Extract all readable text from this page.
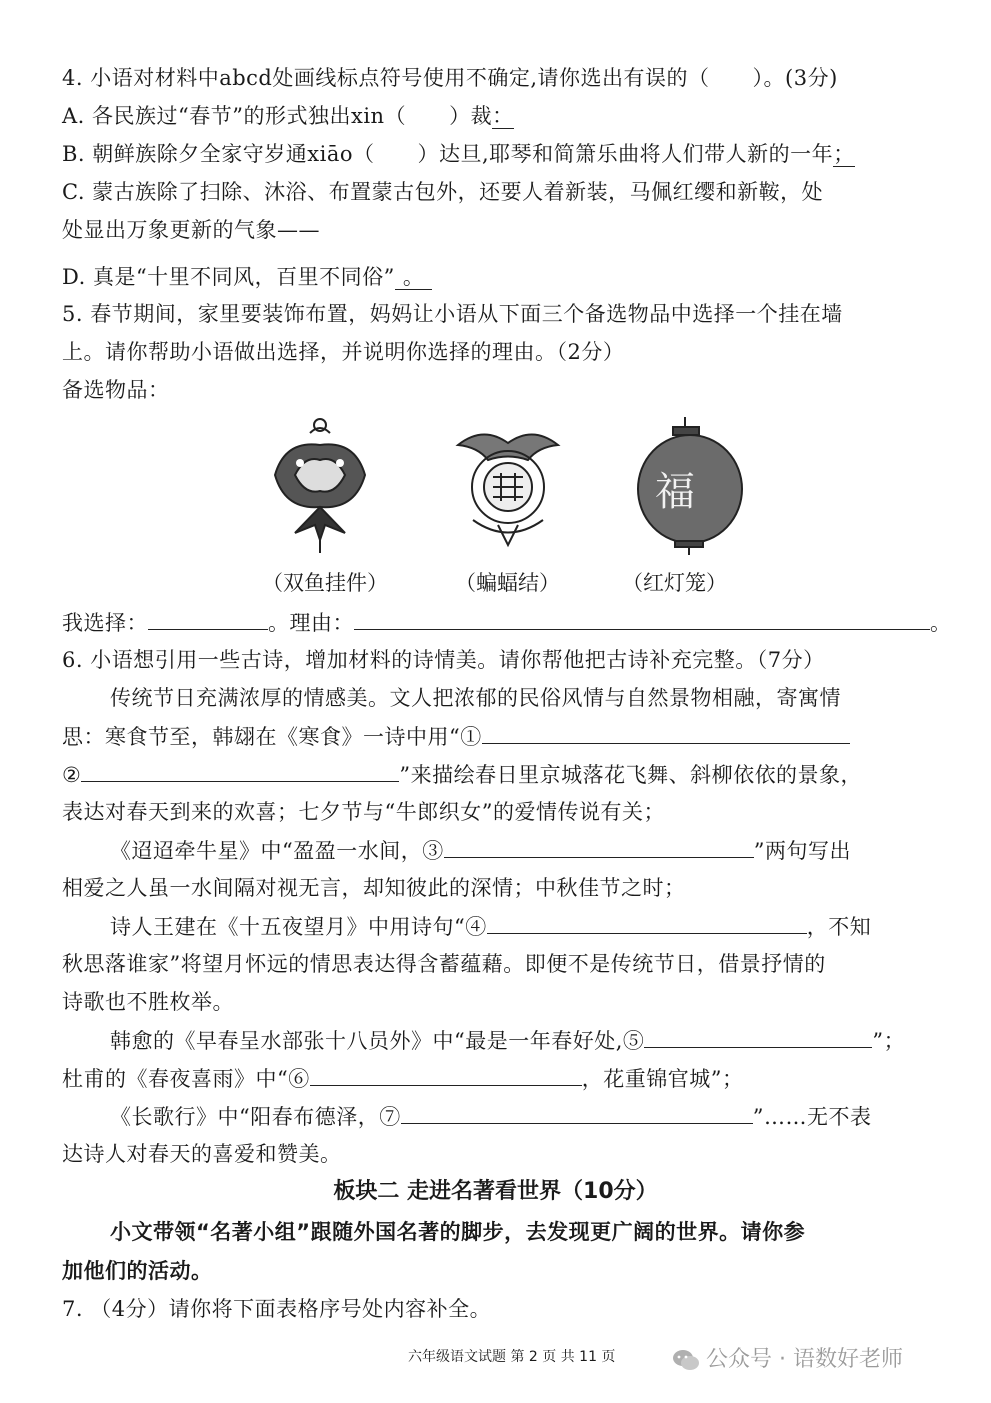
4. 小语对材料中abcd处画线标点符号使用不确定,请你选出有误的（　　）。(3分)
A. 各民族过“春节”的形式独出xin（　　）裁：
B. 朝鲜族除夕全家守岁通xiāo（　　）达旦,耶琴和简箫乐曲将人们带人新的一年；
C. 蒙古族除了扫除、沐浴、布置蒙古包外，还要人着新装，马佩红缨和新鞍，处
处显出万象更新的气象——
D. 真是“十里不同风，百里不同俗” 。
5. 春节期间，家里要装饰布置，妈妈让小语从下面三个备选物品中选择一个挂在墙
上。请你帮助小语做出选择，并说明你选择的理由。（2分）
备选物品：
福
（双鱼挂件）	（蝙蝠结）	（红灯笼）
我选择：	。理由：	。
6. 小语想引用一些古诗，增加材料的诗情美。请你帮他把古诗补充完整。（7分）
传统节日充满浓厚的情感美。文人把浓郁的民俗风情与自然景物相融，寄寓情
思：寒食节至，韩翃在《寒食》一诗中用“①
②	”来描绘春日里京城落花飞舞、斜柳依依的景象，
表达对春天到来的欢喜；七夕节与“牛郎织女”的爱情传说有关；
《迢迢牵牛星》中“盈盈一水间，③	”两句写出
相爱之人虽一水间隔对视无言，却知彼此的深情；中秋佳节之时；
诗人王建在《十五夜望月》中用诗句“④	，不知
秋思落谁家”将望月怀远的情思表达得含蓄蕴藉。即便不是传统节日，借景抒情的
诗歌也不胜枚举。
韩愈的《早春呈水部张十八员外》中“最是一年春好处,⑤	”；
杜甫的《春夜喜雨》中“⑥	，花重锦官城”；
《长歌行》中“阳春布德泽，⑦	”……无不表
达诗人对春天的喜爱和赞美。
板块二 走进名著看世界（10分）
小文带领“名著小组”跟随外国名著的脚步，去发现更广阔的世界。请你参
加他们的活动。
7. （4分）请你将下面表格序号处内容补全。
六年级语文试题 第 2 页 共 11 页	公众号 · 语数好老师
